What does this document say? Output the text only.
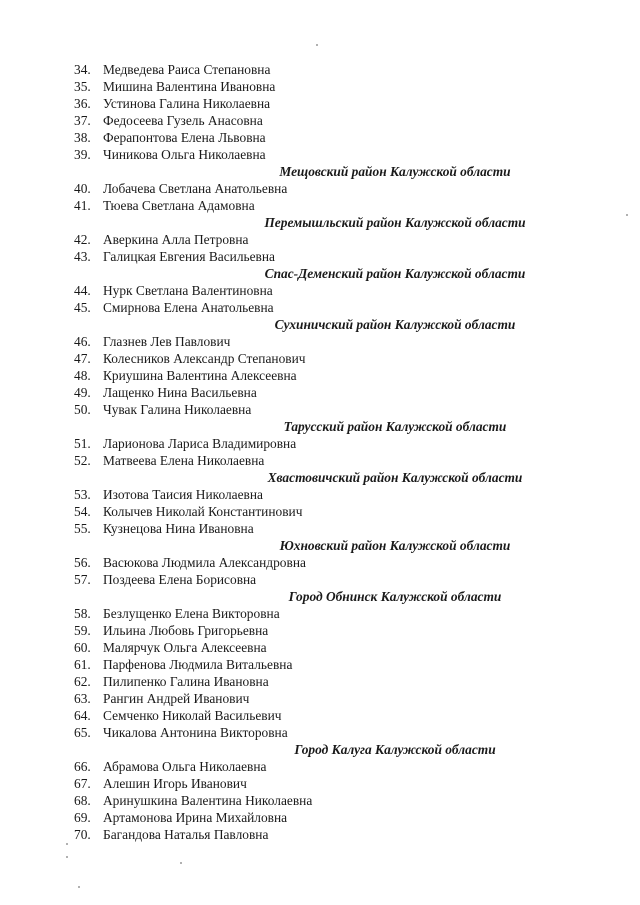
34. Медведева Раиса Степановна
35. Мишина Валентина Ивановна
36. Устинова Галина Николаевна
37. Федосеева Гузель Анасовна
38. Ферапонтова Елена Львовна
39. Чиникова Ольга Николаевна
Мещовский район Калужской области
40. Лобачева Светлана Анатольевна
41. Тюева Светлана Адамовна
Перемышльский район Калужской области
42. Аверкина Алла Петровна
43. Галицкая Евгения Васильевна
Спас-Деменский район Калужской области
44. Нурк Светлана Валентиновна
45. Смирнова Елена Анатольевна
Сухиничский район Калужской области
46. Глазнев Лев Павлович
47. Колесников Александр Степанович
48. Криушина Валентина Алексеевна
49. Лащенко Нина Васильевна
50. Чувак Галина Николаевна
Тарусский район Калужской области
51. Ларионова Лариса Владимировна
52. Матвеева Елена Николаевна
Хвастовичский район Калужской области
53. Изотова Таисия Николаевна
54. Колычев Николай Константинович
55. Кузнецова Нина Ивановна
Юхновский район Калужской области
56. Васюкова Людмила Александровна
57. Поздеева Елена Борисовна
Город Обнинск Калужской области
58. Безлущенко Елена Викторовна
59. Ильина Любовь Григорьевна
60. Малярчук Ольга Алексеевна
61. Парфенова Людмила Витальевна
62. Пилипенко Галина Ивановна
63. Рангин Андрей Иванович
64. Семченко Николай Васильевич
65. Чикалова Антонина Викторовна
Город Калуга Калужской области
66. Абрамова Ольга Николаевна
67. Алешин Игорь Иванович
68. Аринушкина Валентина Николаевна
69. Артамонова Ирина Михайловна
70. Багандова Наталья Павловна
